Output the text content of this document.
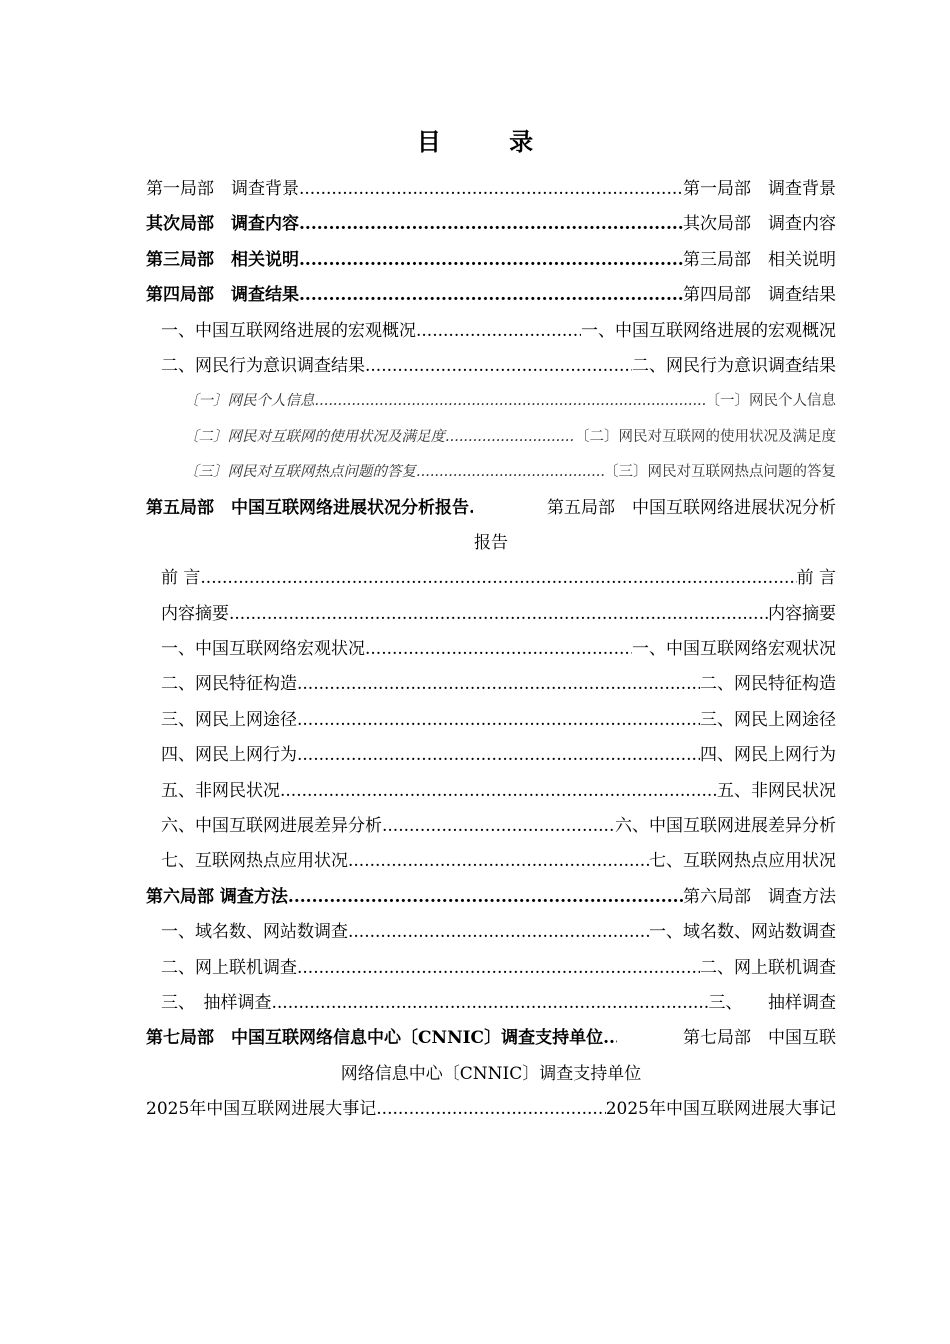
目 录
第一局部　调查背景 .....	第一局部　调查背景
其次局部　调查内容 .....	其次局部　调查内容
第三局部　相关说明 .....	第三局部　相关说明
第四局部　调查结果 .....	第四局部　调查结果
一、中国互联网络进展的宏观概况 .....	一、中国互联网络进展的宏观概况
二、网民行为意识调查结果 .....	二、网民行为意识调查结果
〔一〕网民个人信息 .....	〔一〕网民个人信息
〔二〕网民对互联网的使用状况及满足度 .....	〔二〕网民对互联网的使用状况及满足度
〔三〕网民对互联网热点问题的答复 .....	〔三〕网民对互联网热点问题的答复
第五局部　中国互联网络进展状况分析报告 .....	第五局部　中国互联网络进展状况分析
报告
前 言 .....	前 言
内容摘要 .....	内容摘要
一、中国互联网络宏观状况 .....	一、中国互联网络宏观状况
二、网民特征构造 .....	二、网民特征构造
三、网民上网途径 .....	三、网民上网途径
四、网民上网行为 .....	四、网民上网行为
五、非网民状况 .....	五、非网民状况
六、中国互联网进展差异分析 .....	六、中国互联网进展差异分析
七、互联网热点应用状况 .....	七、互联网热点应用状况
第六局部 调查方法 .....	第六局部　调查方法
一、域名数、网站数调查 .....	一、域名数、网站数调查
二、网上联机调查 .....	二、网上联机调查
三、　抽样调查 .....	三、　　抽样调查
第七局部　中国互联网络信息中心〔CNNIC〕调查支持单位 .....	第七局部　中国互联
网络信息中心〔CNNIC〕调查支持单位
2025年中国互联网进展大事记 .....	2025年中国互联网进展大事记
